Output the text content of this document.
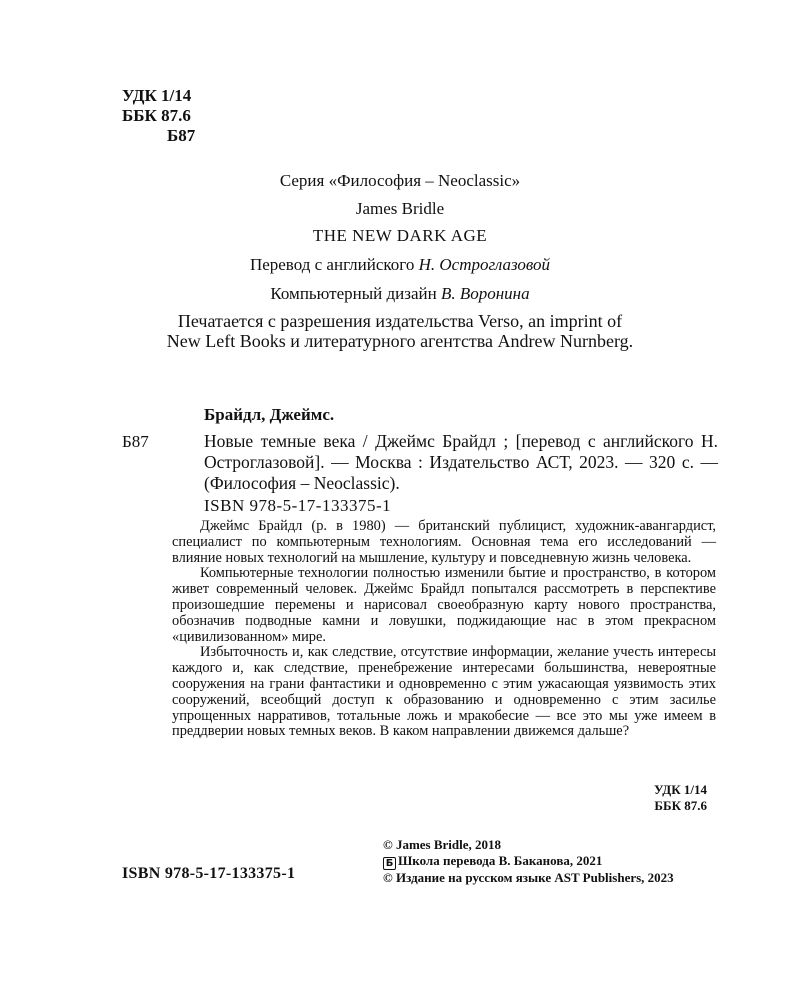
УДК 1/14
ББК 87.6
Б87
Серия «Философия – Neoclassic»
James Bridle
THE NEW DARK AGE
Перевод с английского Н. Остроглазовой
Компьютерный дизайн В. Воронина
Печатается с разрешения издательства Verso, an imprint of
New Left Books и литературного агентства Andrew Nurnberg.
Брайдл, Джеймс.
Б87	Новые темные века / Джеймс Брайдл ; [перевод с английского Н. Остроглазовой]. — Москва : Издательство АСТ, 2023. — 320 с. — (Философия – Neoclassic).
ISBN 978-5-17-133375-1

Джеймс Брайдл (р. в 1980) — британский публицист, художник-авангардист, специалист по компьютерным технологиям. Основная тема его исследований — влияние новых технологий на мышление, культуру и повседневную жизнь человека.

Компьютерные технологии полностью изменили бытие и пространство, в котором живет современный человек. Джеймс Брайдл попытался рассмотреть в перспективе произошедшие перемены и нарисовал своеобразную карту нового пространства, обозначив подводные камни и ловушки, поджидающие нас в этом прекрасном «цивилизованном» мире.

Избыточность и, как следствие, отсутствие информации, желание учесть интересы каждого и, как следствие, пренебрежение интересами большинства, невероятные сооружения на грани фантастики и одновременно с этим ужасающая уязвимость этих сооружений, всеобщий доступ к образованию и одновременно с этим засилье упрощенных нарративов, тотальные ложь и мракобесие — все это мы уже имеем в преддверии новых темных веков. В каком направлении движемся дальше?

УДК 1/14
ББК 87.6
ISBN 978-5-17-133375-1
© James Bridle, 2018
Б Школа перевода В. Баканова, 2021
© Издание на русском языке AST Publishers, 2023
